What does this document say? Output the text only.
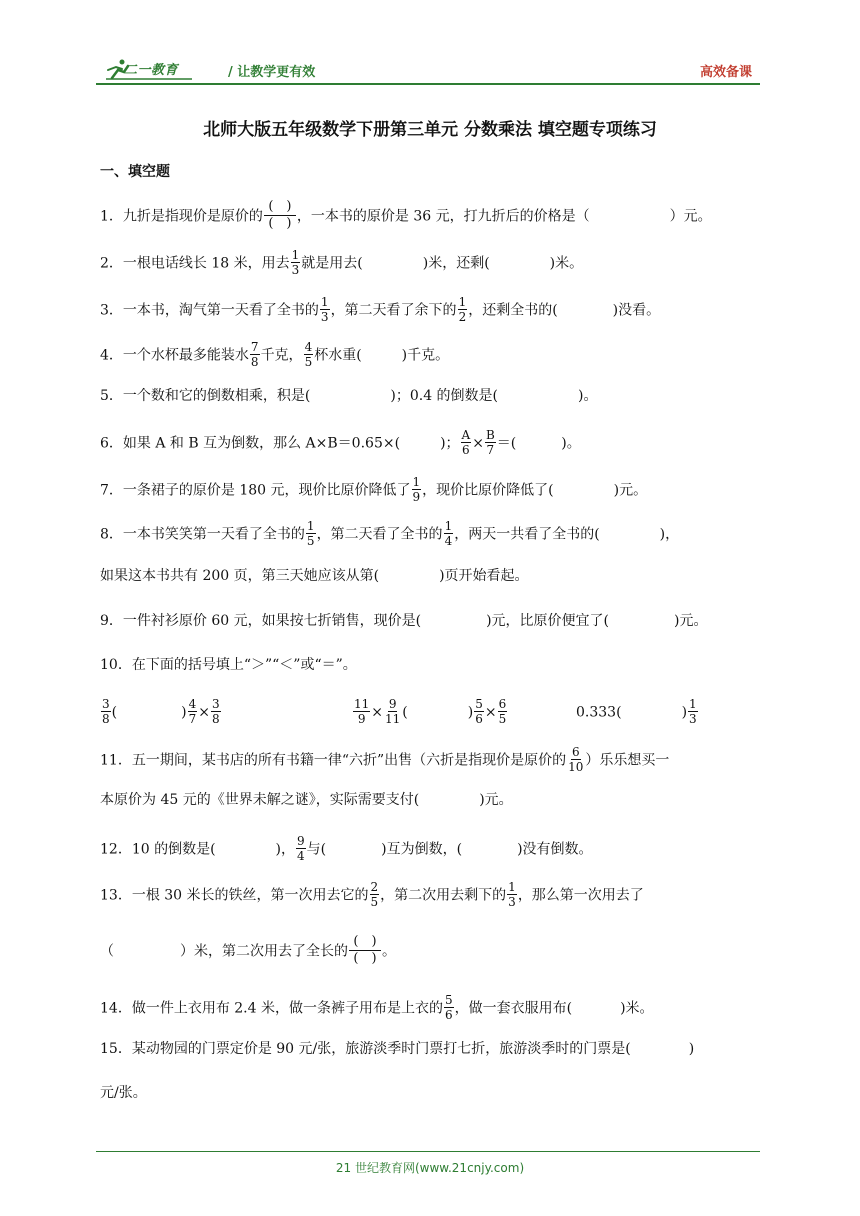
二一教育	/ 让教学更有效	高效备课
北师大版五年级数学下册第三单元 分数乘法 填空题专项练习
一、填空题
1．九折是指现价是原价的
(　)
(　) ，一本书的原价是 36 元，打九折后的价格是（	）元。
2．一根电话线长 18 米，用去 $\frac{1}{3}$ 就是用去(	)米，还剩(	)米。
3．一本书，淘气第一天看了全书的 $\frac{1}{3}$ ，第二天看了余下的 $\frac{1}{2}$ ，还剩全书的(	)没看。
4．一个水杯最多能装水 $\frac{7}{8}$ 千克， $\frac{4}{5}$ 杯水重(	)千克。
5．一个数和它的倒数相乘，积是(	)；0.4 的倒数是(	)。
6．如果 A 和 B 互为倒数，那么 A×B＝0.65×(	)； $\frac{A}{6} \times \frac{B}{7}$ ＝(	)。
7．一条裙子的原价是 180 元，现价比原价降低了 $\frac{1}{9}$ ，现价比原价降低了(	)元。
8．一本书笑笑第一天看了全书的 $\frac{1}{5}$ ，第二天看了全书的 $\frac{1}{4}$ ，两天一共看了全书的(	)，
如果这本书共有 200 页，第三天她应该从第(	)页开始看起。
9．一件衬衫原价 60 元，如果按七折销售，现价是(	)元，比原价便宜了(	)元。
10．在下面的括号填上“＞”“＜”或“＝”。
$\frac{3}{8}$ (	) $\frac{4}{7} \times \frac{3}{8}$	$\frac{11}{9} \times \frac{9}{11}$ (	) $\frac{5}{6} \times \frac{6}{5}$	0.333(	) $\frac{1}{3}$
11．五一期间，某书店的所有书籍一律“六折”出售（六折是指现价是原价的 $\frac{6}{10}$ ）乐乐想买一
本原价为 45 元的《世界未解之谜》，实际需要支付(	)元。
12．10 的倒数是(	)， $\frac{9}{4}$ 与(	)互为倒数，(	)没有倒数。
13．一根 30 米长的铁丝，第一次用去它的 $\frac{2}{5}$ ，第二次用去剩下的 $\frac{1}{3}$ ，那么第一次用去了
（	）米，第二次用去了全长的
(　)
(　) 。
14．做一件上衣用布 2.4 米，做一条裤子用布是上衣的 $\frac{5}{6}$ ，做一套衣服用布(	)米。
15．某动物园的门票定价是 90 元/张，旅游淡季时门票打七折，旅游淡季时的门票是(	)
元/张。
21 世纪教育网(www.21cnjy.com)
